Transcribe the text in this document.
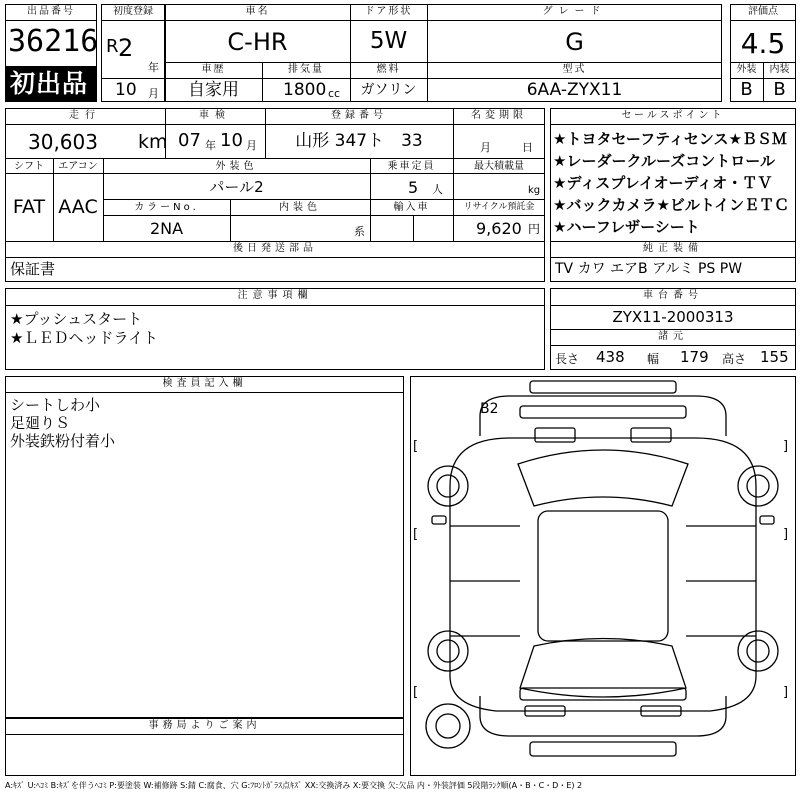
出品番号
36216
初出品
初度登録
R 2
年
10 月
車名
C-HR
ドア形状
5W
グレード
G
車歴
自家用
排気量
1800 cc
燃料
ガソリン
型式
6AA-ZYX11
評価点
4.5
外装	内装
B	B
走行
30,603 km
車検
07 年 10 月
登録番号
山形 347ト　33
名変期限
月	日
シフト	エアコン
FAT AAC
外装色
パール2
乗車定員
5 人
最大積載量
kg
カラーNo.
2NA
内装色
系
輸入車	リサイクル預託金
9,620 円
後日発送部品
保証書
セールスポイント
★トヨタセーフティセンス★ＢＳＭ
★レーダークルーズコントロール
★ディスプレイオーディオ・ＴＶ
★バックカメラ★ビルトインＥＴＣ
★ハーフレザーシート
純正装備
TV カワ エアB アルミ PS PW
注意事項欄
★プッシュスタート
★ＬＥＤヘッドライト
車台番号
ZYX11-2000313
諸元
長さ 438 幅 179 高さ 155
検査員記入欄
シートしわ小
足廻りＳ
外装鉄粉付着小
事務局よりご案内
B2
[	]
[	]
[	]
A:ｷｽﾞ U:ﾍｺﾐ B:ｷｽﾞを伴うﾍｺﾐ P:要塗装 W:補修跡 S:錆 C:腐食、穴 G:ﾌﾛﾝﾄｶﾞﾗｽ点ｷｽﾞ XX:交換済み X:要交換 欠:欠品 内・外装評価 5段階ﾗﾝｸ順(A・B・C・D・E) 2
